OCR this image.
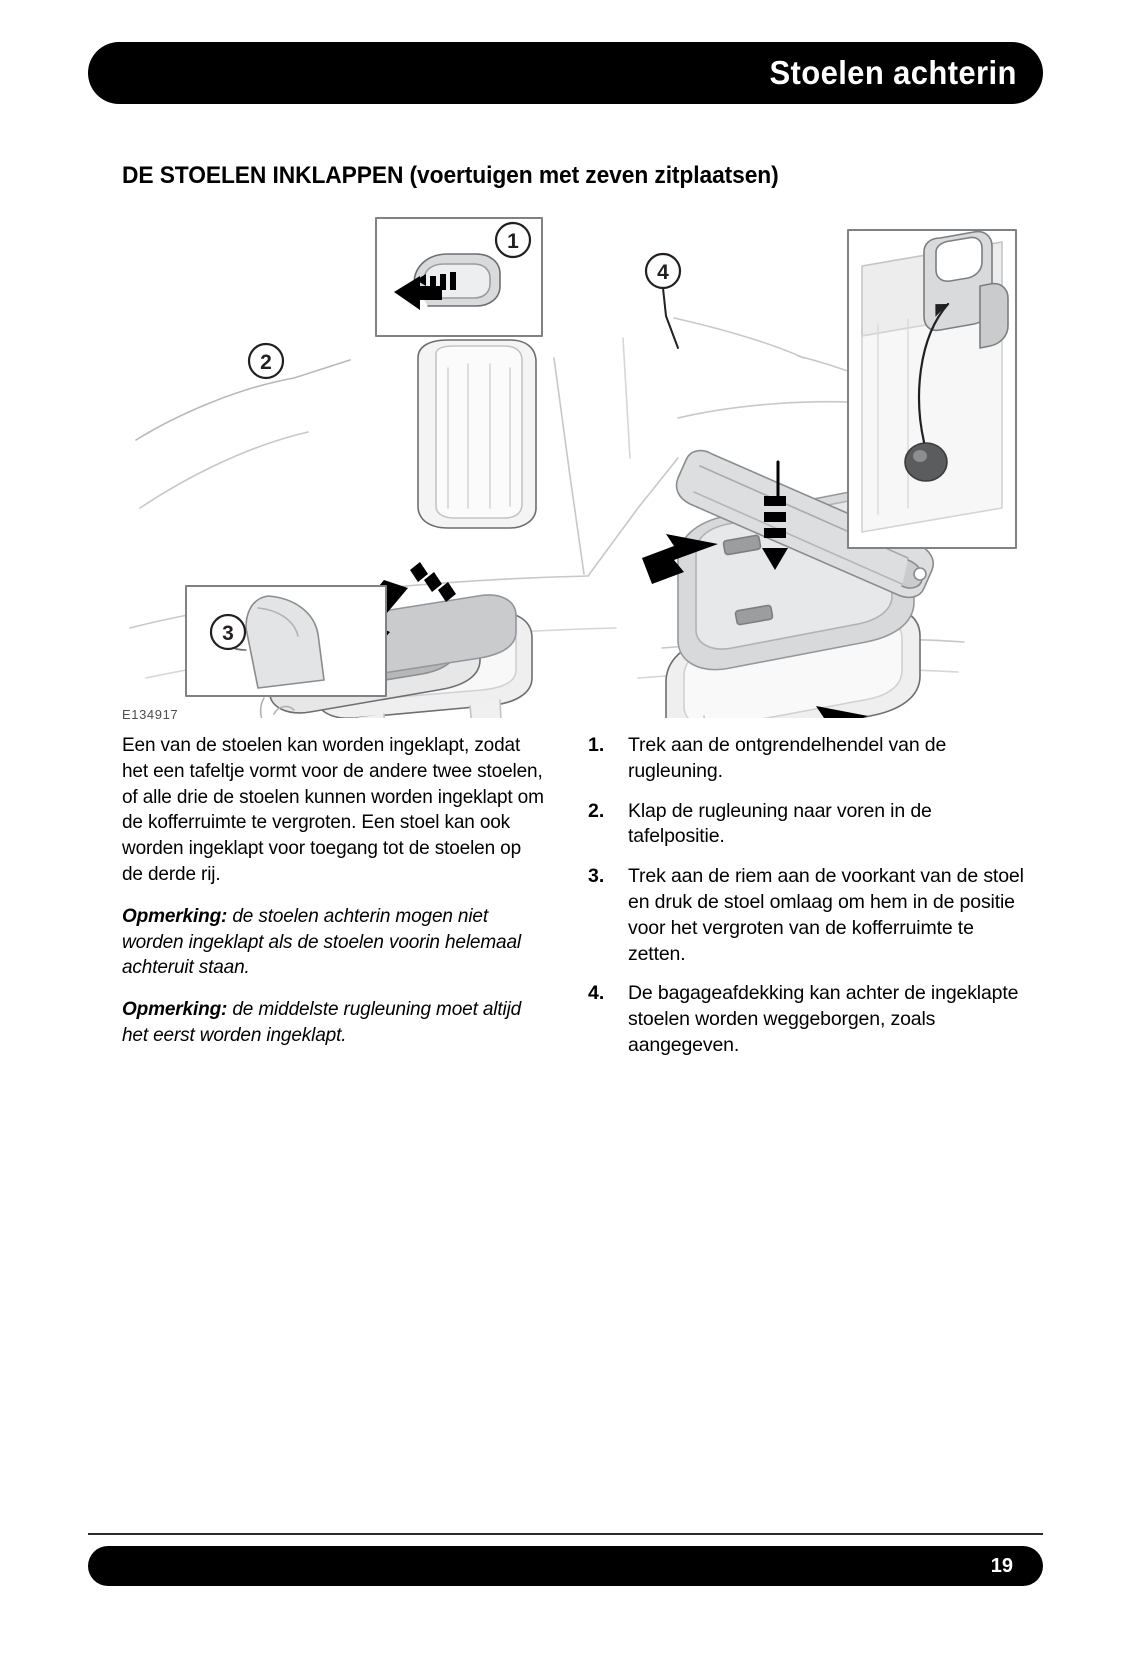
Stoelen achterin
DE STOELEN INKLAPPEN (voertuigen met zeven zitplaatsen)
1
2
3
4
E134917

Een van de stoelen kan worden ingeklapt, zodat het een tafeltje vormt voor de andere twee stoelen, of alle drie de stoelen kunnen worden ingeklapt om de kofferruimte te vergroten. Een stoel kan ook worden ingeklapt voor toegang tot de stoelen op de derde rij.

Opmerking: de stoelen achterin mogen niet worden ingeklapt als de stoelen voorin helemaal achteruit staan.

Opmerking: de middelste rugleuning moet altijd het eerst worden ingeklapt.

1.	Trek aan de ontgrendelhendel van de rugleuning.
2.	Klap de rugleuning naar voren in de tafelpositie.
3.	Trek aan de riem aan de voorkant van de stoel en druk de stoel omlaag om hem in de positie voor het vergroten van de kofferruimte te zetten.
4.	De bagageafdekking kan achter de ingeklapte stoelen worden weggeborgen, zoals aangegeven.
19
